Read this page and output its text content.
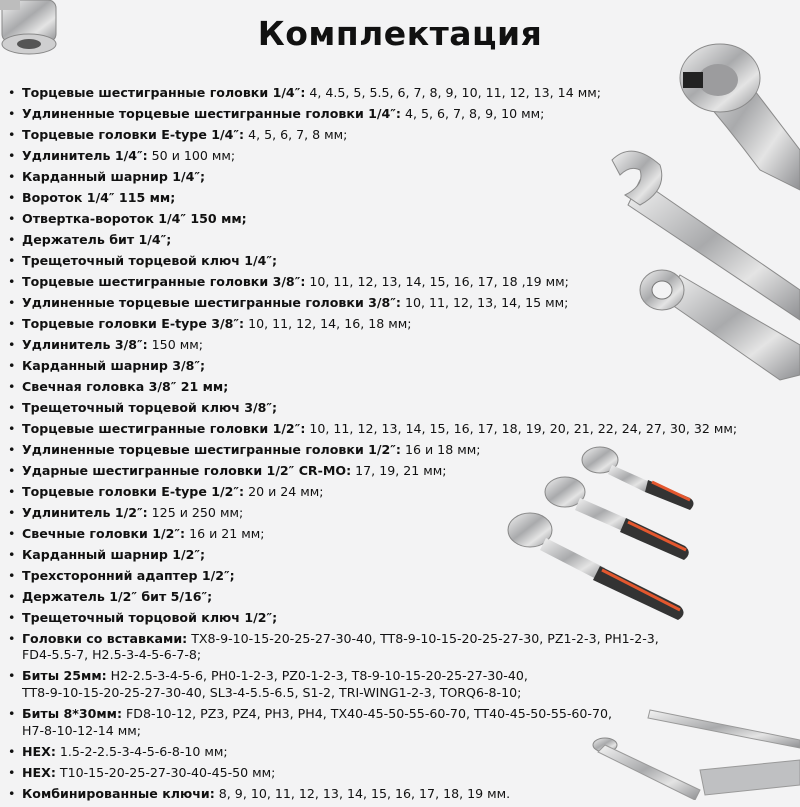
Комплектация
• Торцевые шестигранные головки 1/4″: 4, 4.5, 5, 5.5, 6, 7, 8, 9, 10, 11, 12, 13, 14 мм;
• Удлиненные торцевые шестигранные головки 1/4″: 4, 5, 6, 7, 8, 9, 10 мм;
• Торцевые головки E-type 1/4″: 4, 5, 6, 7, 8 мм;
• Удлинитель 1/4″: 50 и 100 мм;
• Карданный шарнир 1/4″;
• Вороток 1/4″ 115 мм;
• Отвертка-вороток 1/4″ 150 мм;
• Держатель бит 1/4″;
• Трещеточный торцевой ключ 1/4″;
• Торцевые шестигранные головки 3/8″: 10, 11, 12, 13, 14, 15, 16, 17, 18 ,19 мм;
• Удлиненные торцевые шестигранные головки 3/8″: 10, 11, 12, 13, 14, 15 мм;
• Торцевые головки E-type 3/8″: 10, 11, 12, 14, 16, 18 мм;
• Удлинитель 3/8″: 150 мм;
• Карданный шарнир 3/8″;
• Свечная головка 3/8″ 21 мм;
• Трещеточный торцевой ключ 3/8″;
• Торцевые шестигранные головки 1/2″: 10, 11, 12, 13, 14, 15, 16, 17, 18, 19, 20, 21, 22, 24, 27, 30, 32 мм;
• Удлиненные торцевые шестигранные головки 1/2″: 16 и 18 мм;
• Ударные шестигранные головки 1/2″ CR-MO: 17, 19, 21 мм;
• Торцевые головки E-type 1/2″: 20 и 24 мм;
• Удлинитель 1/2″: 125 и 250 мм;
• Свечные головки 1/2″: 16 и 21 мм;
• Карданный шарнир 1/2″;
• Трехсторонний адаптер 1/2″;
• Держатель 1/2″ бит 5/16″;
• Трещеточный торцовой ключ 1/2″;
• Головки со вставками: TX8-9-10-15-20-25-27-30-40, TT8-9-10-15-20-25-27-30, PZ1-2-3, PH1-2-3,
FD4-5.5-7, H2.5-3-4-5-6-7-8;
• Биты 25мм: H2-2.5-3-4-5-6, PH0-1-2-3, PZ0-1-2-3, T8-9-10-15-20-25-27-30-40,
TT8-9-10-15-20-25-27-30-40, SL3-4-5.5-6.5, S1-2, TRI-WING1-2-3, TORQ6-8-10;
• Биты 8*30мм: FD8-10-12, PZ3, PZ4, PH3, PH4, TX40-45-50-55-60-70, TT40-45-50-55-60-70,
H7-8-10-12-14 мм;
• HEX: 1.5-2-2.5-3-4-5-6-8-10 мм;
• HEX: T10-15-20-25-27-30-40-45-50 мм;
• Комбинированные ключи: 8, 9, 10, 11, 12, 13, 14, 15, 16, 17, 18, 19 мм.
